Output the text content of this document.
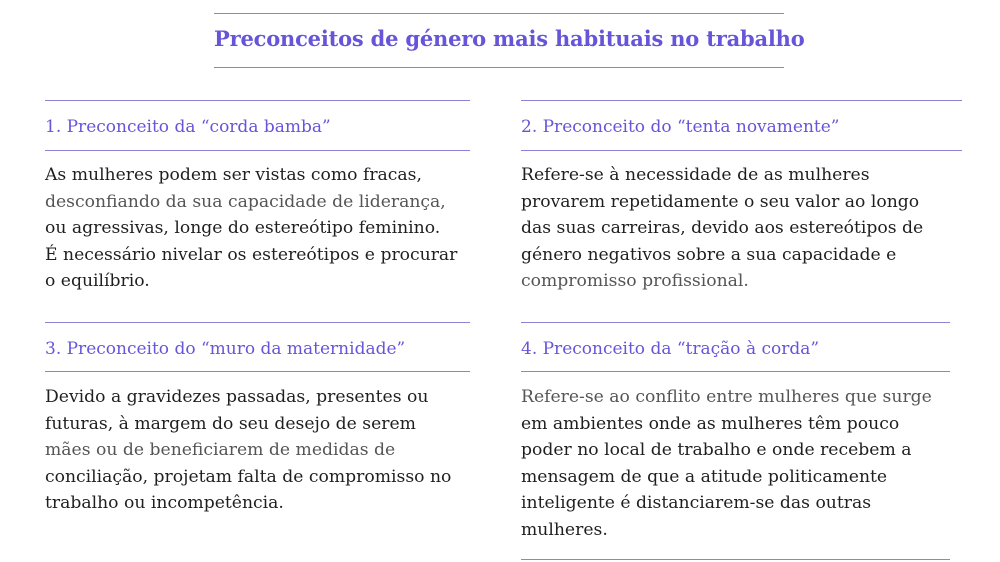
Preconceitos de género mais habituais no trabalho
1. Preconceito da “corda bamba”
As mulheres podem ser vistas como fracas,
desconfiando da sua capacidade de liderança,
ou agressivas, longe do estereótipo feminino.
É necessário nivelar os estereótipos e procurar
o equilíbrio.
2. Preconceito do “tenta novamente”
Refere-se à necessidade de as mulheres
provarem repetidamente o seu valor ao longo
das suas carreiras, devido aos estereótipos de
género negativos sobre a sua capacidade e
compromisso profissional.
3. Preconceito do “muro da maternidade”
Devido a gravidezes passadas, presentes ou
futuras, à margem do seu desejo de serem
mães ou de beneficiarem de medidas de
conciliação, projetam falta de compromisso no
trabalho ou incompetência.
4. Preconceito da “tração à corda”
Refere-se ao conflito entre mulheres que surge
em ambientes onde as mulheres têm pouco
poder no local de trabalho e onde recebem a
mensagem de que a atitude politicamente
inteligente é distanciarem-se das outras
mulheres.
